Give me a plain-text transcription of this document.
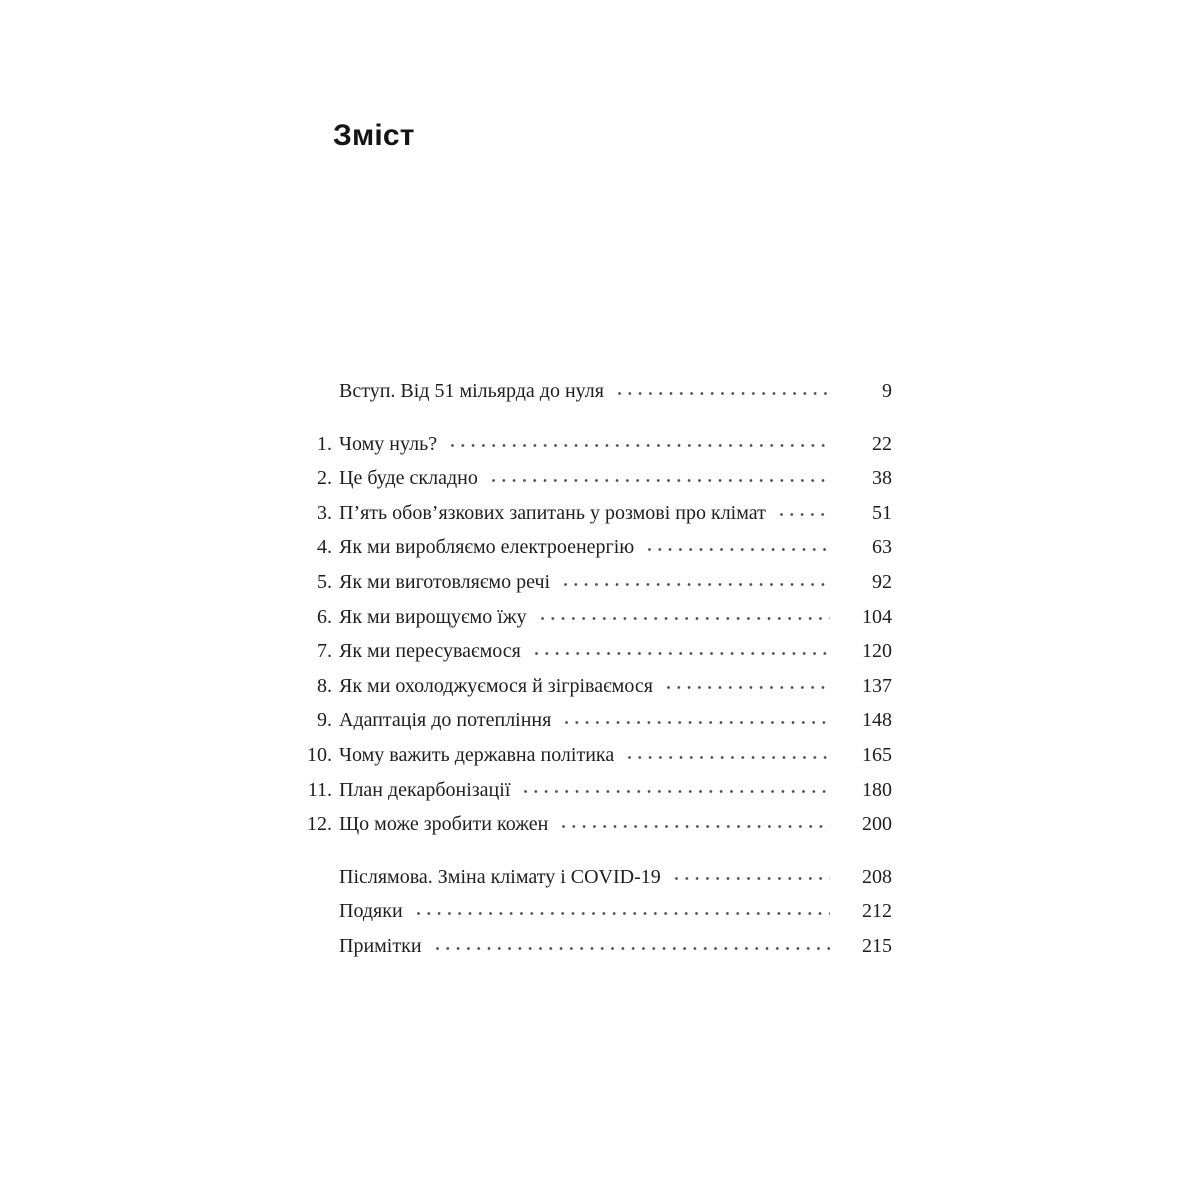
Зміст
Вступ. Від 51 мільярда до нуля	9
1. Чому нуль?	22
2. Це буде складно	38
3. П’ять обов’язкових запитань у розмові про клімат	51
4. Як ми виробляємо електроенергію	63
5. Як ми виготовляємо речі	92
6. Як ми вирощуємо їжу	104
7. Як ми пересуваємося	120
8. Як ми охолоджуємося й зігріваємося	137
9. Адаптація до потепління	148
10. Чому важить державна політика	165
11. План декарбонізації	180
12. Що може зробити кожен	200
Післямова. Зміна клімату і COVID-19	208
Подяки	212
Примітки	215
